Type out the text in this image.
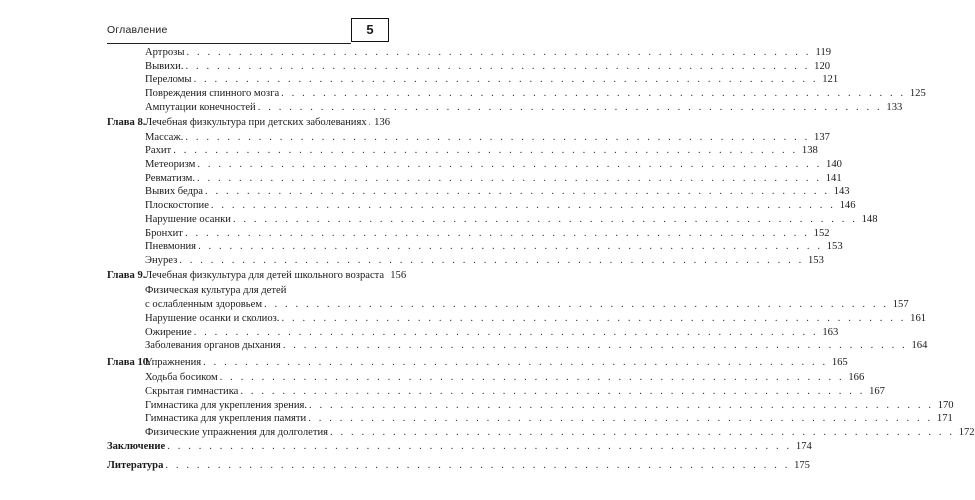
Оглавление	5
Артрозы . . .	119
Вывихи. . . .	120
Переломы . . .	121
Повреждения спинного мозга . . .	125
Ампутации конечностей . . .	133
Глава 8. Лечебная физкультура при детских заболеваниях . . . 136
Массаж. . . .	137
Рахит . . .	138
Метеоризм . . .	140
Ревматизм. . . .	141
Вывих бедра . . .	143
Плоскостопие . . .	146
Нарушение осанки . . .	148
Бронхит . . .	152
Пневмония . . .	153
Энурез . . .	153
Глава 9. Лечебная физкультура для детей школьного возраста 156
Физическая культура для детей
с ослабленным здоровьем . . .	157
Нарушение осанки и сколиоз. . . .	161
Ожирение . . .	163
Заболевания органов дыхания . . .	164
Глава 10.
Упражнения . . .	165
Ходьба босиком . . .	166
Скрытая гимнастика . . .	167
Гимнастика для укрепления зрения. . . .	170
Гимнастика для укрепления памяти . . .	171
Физические упражнения для долголетия . . .	172
Заключение . . .	174
Литература . . .	175
